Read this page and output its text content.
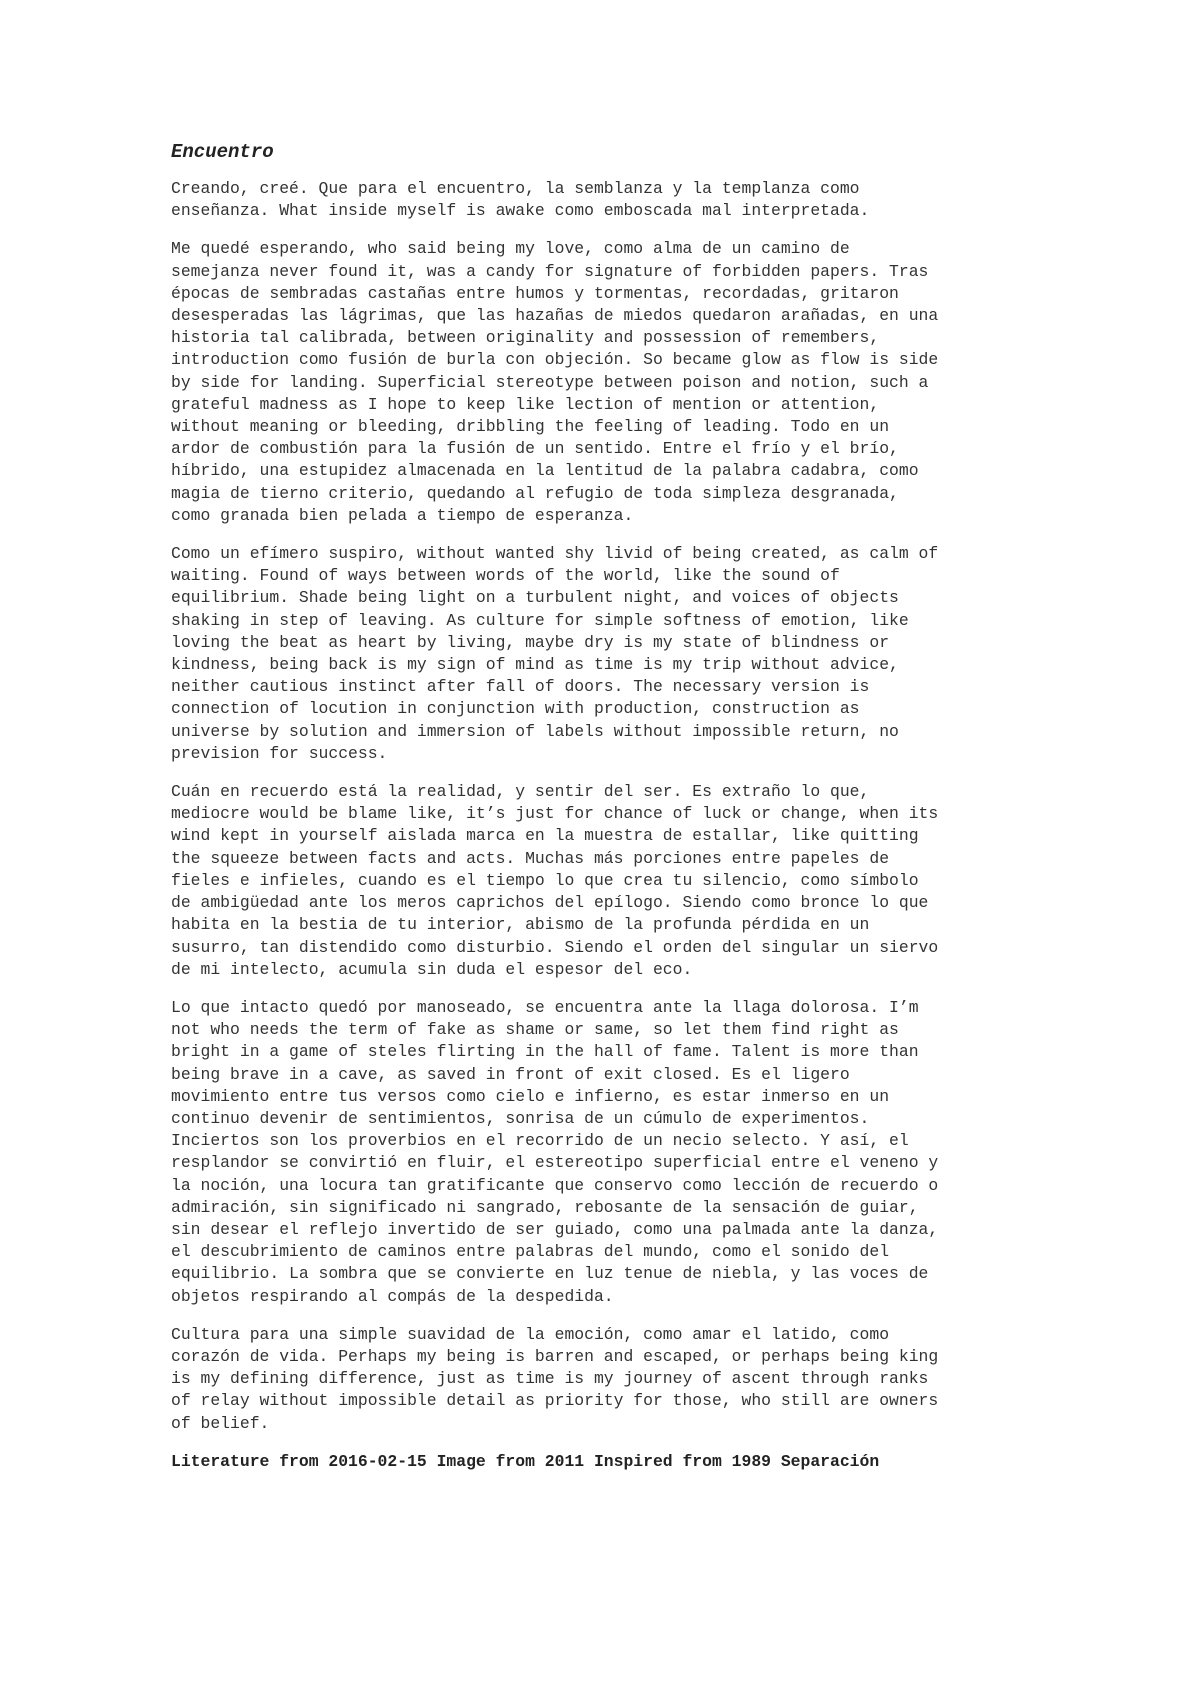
Encuentro
Creando, creé. Que para el encuentro, la semblanza y la templanza como
enseñanza. What inside myself is awake como emboscada mal interpretada.
Me quedé esperando, who said being my love, como alma de un camino de
semejanza never found it, was a candy for signature of forbidden papers. Tras
épocas de sembradas castañas entre humos y tormentas, recordadas, gritaron
desesperadas las lágrimas, que las hazañas de miedos quedaron arañadas, en una
historia tal calibrada, between originality and possession of remembers,
introduction como fusión de burla con objeción. So became glow as flow is side
by side for landing. Superficial stereotype between poison and notion, such a
grateful madness as I hope to keep like lection of mention or attention,
without meaning or bleeding, dribbling the feeling of leading. Todo en un
ardor de combustión para la fusión de un sentido. Entre el frío y el brío,
híbrido, una estupidez almacenada en la lentitud de la palabra cadabra, como
magia de tierno criterio, quedando al refugio de toda simpleza desgranada,
como granada bien pelada a tiempo de esperanza.
Como un efímero suspiro, without wanted shy livid of being created, as calm of
waiting. Found of ways between words of the world, like the sound of
equilibrium. Shade being light on a turbulent night, and voices of objects
shaking in step of leaving. As culture for simple softness of emotion, like
loving the beat as heart by living, maybe dry is my state of blindness or
kindness, being back is my sign of mind as time is my trip without advice,
neither cautious instinct after fall of doors. The necessary version is
connection of locution in conjunction with production, construction as
universe by solution and immersion of labels without impossible return, no
prevision for success.
Cuán en recuerdo está la realidad, y sentir del ser. Es extraño lo que,
mediocre would be blame like, it’s just for chance of luck or change, when its
wind kept in yourself aislada marca en la muestra de estallar, like quitting
the squeeze between facts and acts. Muchas más porciones entre papeles de
fieles e infieles, cuando es el tiempo lo que crea tu silencio, como símbolo
de ambigüedad ante los meros caprichos del epílogo. Siendo como bronce lo que
habita en la bestia de tu interior, abismo de la profunda pérdida en un
susurro, tan distendido como disturbio. Siendo el orden del singular un siervo
de mi intelecto, acumula sin duda el espesor del eco.
Lo que intacto quedó por manoseado, se encuentra ante la llaga dolorosa. I’m
not who needs the term of fake as shame or same, so let them find right as
bright in a game of steles flirting in the hall of fame. Talent is more than
being brave in a cave, as saved in front of exit closed. Es el ligero
movimiento entre tus versos como cielo e infierno, es estar inmerso en un
continuo devenir de sentimientos, sonrisa de un cúmulo de experimentos.
Inciertos son los proverbios en el recorrido de un necio selecto. Y así, el
resplandor se convirtió en fluir, el estereotipo superficial entre el veneno y
la noción, una locura tan gratificante que conservo como lección de recuerdo o
admiración, sin significado ni sangrado, rebosante de la sensación de guiar,
sin desear el reflejo invertido de ser guiado, como una palmada ante la danza,
el descubrimiento de caminos entre palabras del mundo, como el sonido del
equilibrio. La sombra que se convierte en luz tenue de niebla, y las voces de
objetos respirando al compás de la despedida.
Cultura para una simple suavidad de la emoción, como amar el latido, como
corazón de vida. Perhaps my being is barren and escaped, or perhaps being king
is my defining difference, just as time is my journey of ascent through ranks
of relay without impossible detail as priority for those, who still are owners
of belief.
Literature from 2016-02-15 Image from 2011 Inspired from 1989 Separación
